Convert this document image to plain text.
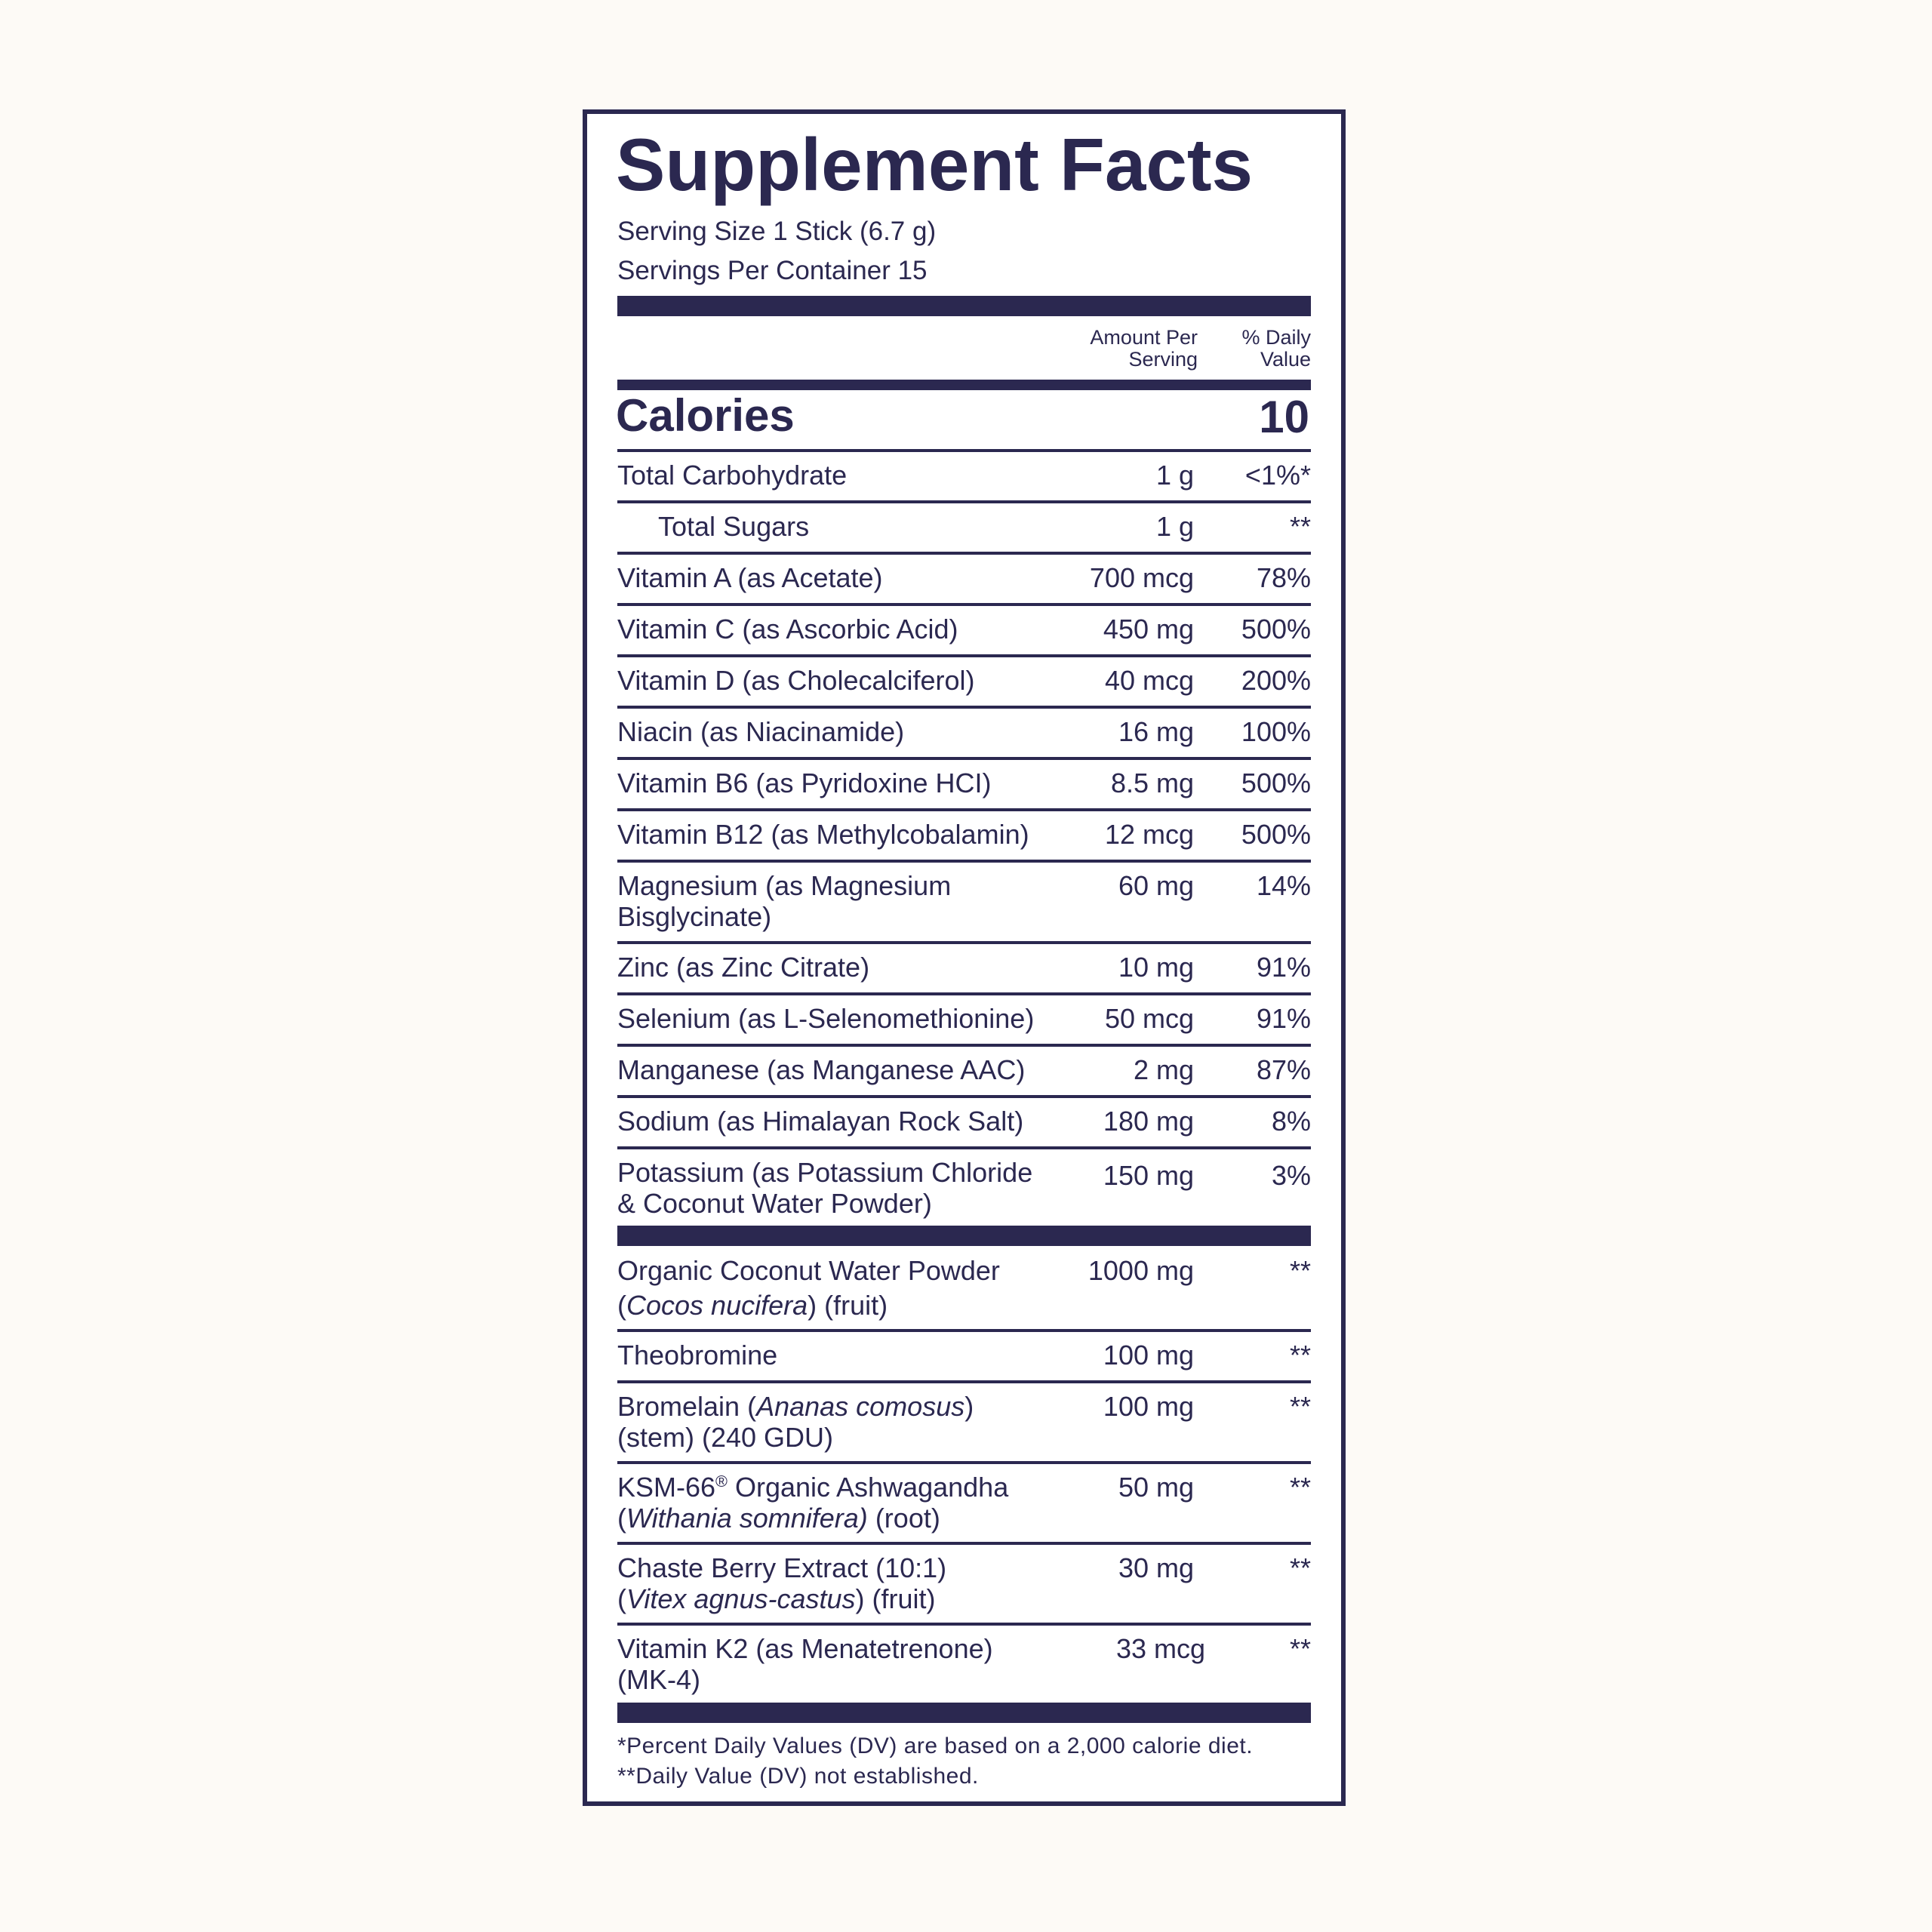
Supplement Facts
Serving Size 1 Stick (6.7 g)
Servings Per Container 15
Amount Per
Serving
% Daily
Value
Calories	10
Total Carbohydrate	1 g <1%*
Total Sugars	1 g	**
Vitamin A (as Acetate)	700 mcg 78%
Vitamin C (as Ascorbic Acid)	450 mg 500%
Vitamin D (as Cholecalciferol)	40 mcg 200%
Niacin (as Niacinamide)	16 mg 100%
Vitamin B6 (as Pyridoxine HCI)	8.5 mg 500%
Vitamin B12 (as Methylcobalamin)	12 mcg 500%
Magnesium (as Magnesium
Bisglycinate)
60 mg 14%
Zinc (as Zinc Citrate)	10 mg 91%
Selenium (as L-Selenomethionine)	50 mcg 91%
Manganese (as Manganese AAC)	2 mg 87%
Sodium (as Himalayan Rock Salt)	180 mg	8%
Potassium (as Potassium Chloride
& Coconut Water Powder)
150 mg	3%
Organic Coconut Water Powder
(Cocos nucifera) (fruit)
1000 mg	**
Theobromine	100 mg	**
Bromelain (Ananas comosus)
(stem) (240 GDU)
100 mg	**
KSM-66® Organic Ashwagandha
(Withania somnifera) (root)
50 mg	**
Chaste Berry Extract (10:1)
(Vitex agnus-castus) (fruit)
30 mg	**
Vitamin K2 (as Menatetrenone)
(MK-4)
33 mcg	**
*Percent Daily Values (DV) are based on a 2,000 calorie diet.
**Daily Value (DV) not established.
